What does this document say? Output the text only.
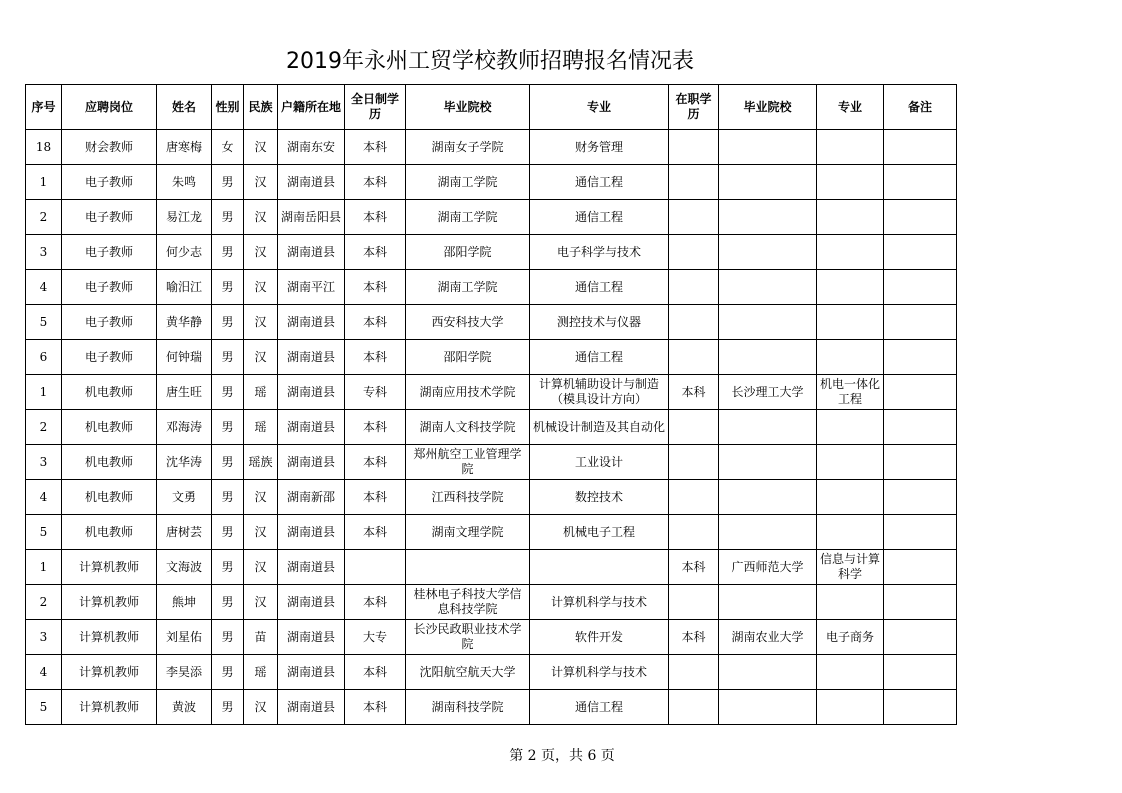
2019年永州工贸学校教师招聘报名情况表
序号	应聘岗位	姓名	性别	民族	户籍所在地	全日制学历	毕业院校	专业	在职学历	毕业院校	专业	备注
18	财会教师	唐寒梅	女	汉	湖南东安	本科	湖南女子学院	财务管理				
1	电子教师	朱鸣	男	汉	湖南道县	本科	湖南工学院	通信工程				
2	电子教师	易江龙	男	汉	湖南岳阳县	本科	湖南工学院	通信工程				
3	电子教师	何少志	男	汉	湖南道县	本科	邵阳学院	电子科学与技术				
4	电子教师	喻汨江	男	汉	湖南平江	本科	湖南工学院	通信工程				
5	电子教师	黄华静	男	汉	湖南道县	本科	西安科技大学	测控技术与仪器				
6	电子教师	何钟瑞	男	汉	湖南道县	本科	邵阳学院	通信工程				
1	机电教师	唐生旺	男	瑶	湖南道县	专科	湖南应用技术学院	计算机辅助设计与制造（模具设计方向）	本科	长沙理工大学	机电一体化工程	
2	机电教师	邓海涛	男	瑶	湖南道县	本科	湖南人文科技学院	机械设计制造及其自动化				
3	机电教师	沈华涛	男	瑶族	湖南道县	本科	郑州航空工业管理学院	工业设计				
4	机电教师	文勇	男	汉	湖南新邵	本科	江西科技学院	数控技术				
5	机电教师	唐树芸	男	汉	湖南道县	本科	湖南文理学院	机械电子工程				
1	计算机教师	文海波	男	汉	湖南道县				本科	广西师范大学	信息与计算科学	
2	计算机教师	熊坤	男	汉	湖南道县	本科	桂林电子科技大学信息科技学院	计算机科学与技术				
3	计算机教师	刘星佑	男	苗	湖南道县	大专	长沙民政职业技术学院	软件开发	本科	湖南农业大学	电子商务	
4	计算机教师	李昊添	男	瑶	湖南道县	本科	沈阳航空航天大学	计算机科学与技术				
5	计算机教师	黄波	男	汉	湖南道县	本科	湖南科技学院	通信工程				
第 2 页，共 6 页
